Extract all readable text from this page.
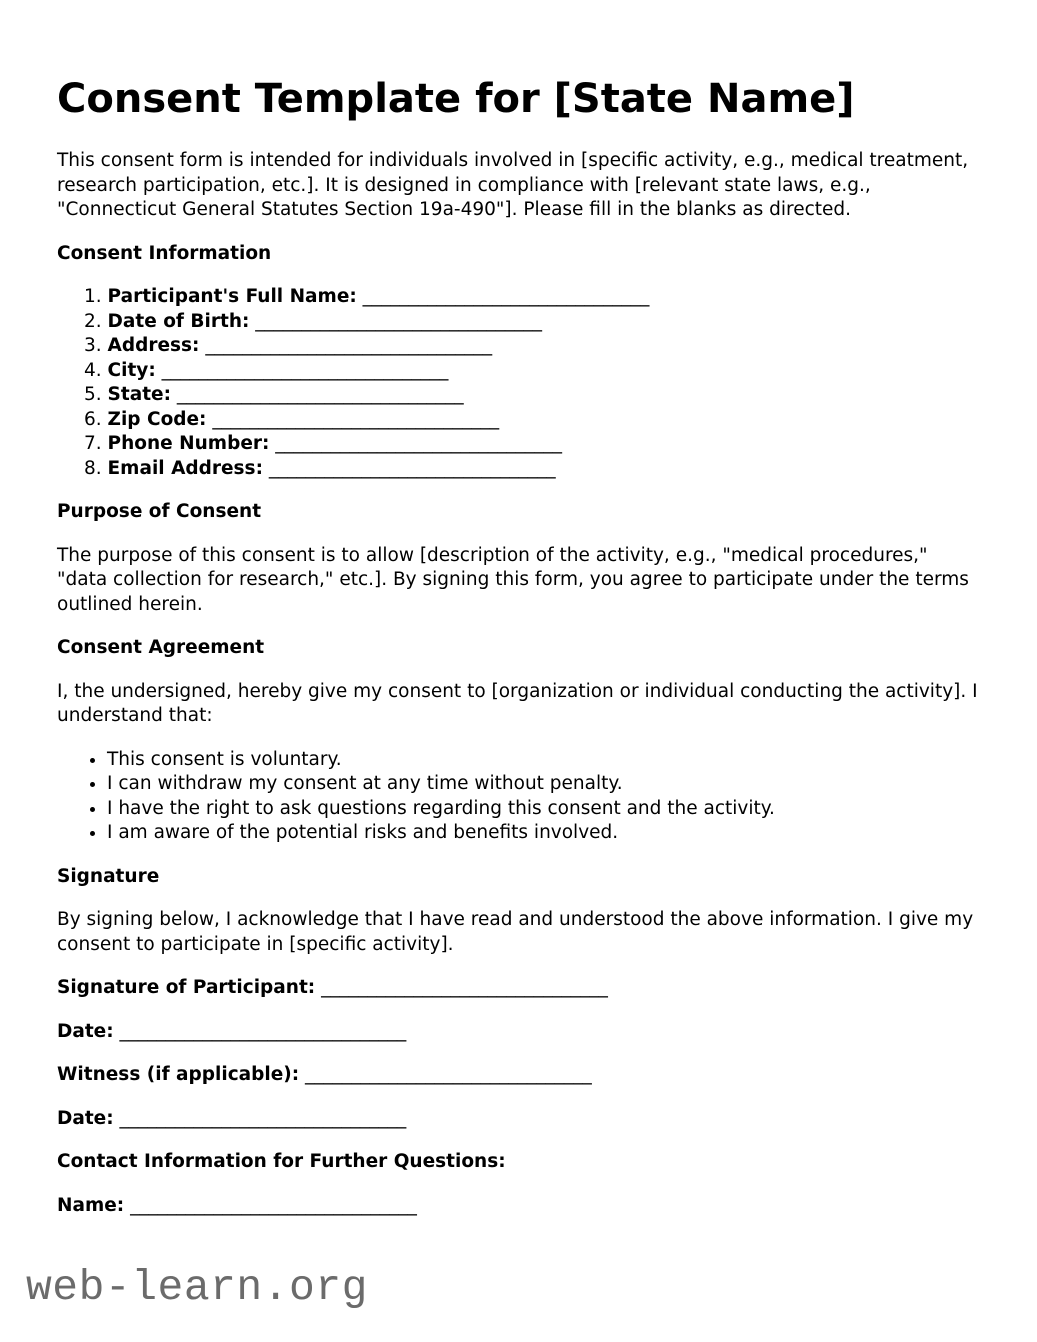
Consent Template for [State Name]

This consent form is intended for individuals involved in [specific activity, e.g., medical treatment, research participation, etc.]. It is designed in compliance with [relevant state laws, e.g., "Connecticut General Statutes Section 19a-490"]. Please fill in the blanks as directed.

Consent Information

1. Participant's Full Name: _______________________________
2. Date of Birth: _______________________________
3. Address: _______________________________
4. City: _______________________________
5. State: _______________________________
6. Zip Code: _______________________________
7. Phone Number: _______________________________
8. Email Address: _______________________________

Purpose of Consent

The purpose of this consent is to allow [description of the activity, e.g., "medical procedures," "data collection for research," etc.]. By signing this form, you agree to participate under the terms outlined herein.

Consent Agreement

I, the undersigned, hereby give my consent to [organization or individual conducting the activity]. I understand that:

• This consent is voluntary.
• I can withdraw my consent at any time without penalty.
• I have the right to ask questions regarding this consent and the activity.
• I am aware of the potential risks and benefits involved.

Signature

By signing below, I acknowledge that I have read and understood the above information. I give my consent to participate in [specific activity].

Signature of Participant: _______________________________

Date: _______________________________

Witness (if applicable): _______________________________

Date: _______________________________

Contact Information for Further Questions:

Name: _______________________________

web-learn.org
